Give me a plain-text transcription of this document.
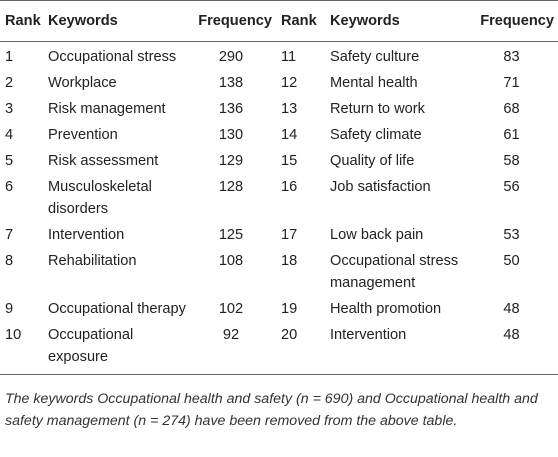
Rank	Keywords	Frequency	Rank	Keywords	Frequency
1	Occupational stress	290	11	Safety culture	83
2	Workplace	138	12	Mental health	71
3	Risk management	136	13	Return to work	68
4	Prevention	130	14	Safety climate	61
5	Risk assessment	129	15	Quality of life	58
6	Musculoskeletal disorders	128	16	Job satisfaction	56
7	Intervention	125	17	Low back pain	53
8	Rehabilitation	108	18	Occupational stress management	50
9	Occupational therapy	102	19	Health promotion	48
10	Occupational exposure	92	20	Intervention	48
The keywords Occupational health and safety (n = 690) and Occupational health and safety management (n = 274) have been removed from the above table.
